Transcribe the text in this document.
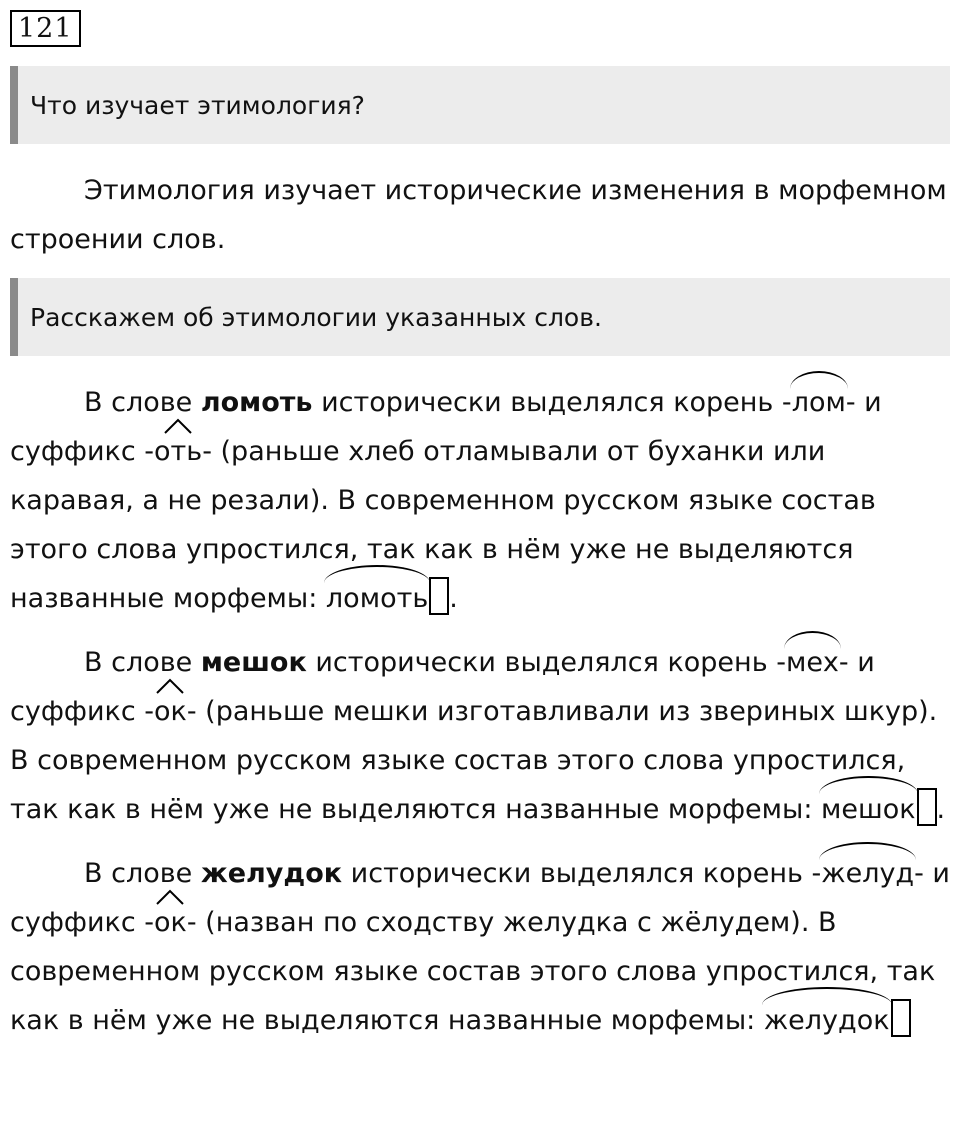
121
Что изучает этимология?

Этимология изучает исторические изменения в морфемном строении слов.

Расскажем об этимологии указанных слов.

В слове ломоть исторически выделялся корень -
лом- и суффикс -
оть- (раньше хлеб отламывали от буханки или каравая, а не резали). В современном русском языке состав этого слова упростился, так как в нём уже не выделяются названные морфемы:
ломоть .

В слове мешок исторически выделялся корень -
мех- и суффикс -
ок- (раньше мешки изготавливали из звериных шкур). В современном русском языке состав этого слова упростился, так как в нём уже не выделяются названные морфемы:
мешок .

В слове желудок исторически выделялся корень -
желуд- и суффикс -
ок- (назван по сходству желудка с жёлудем). В современном русском языке состав этого слова упростился, так как в нём уже не выделяются названные морфемы:
желудок
